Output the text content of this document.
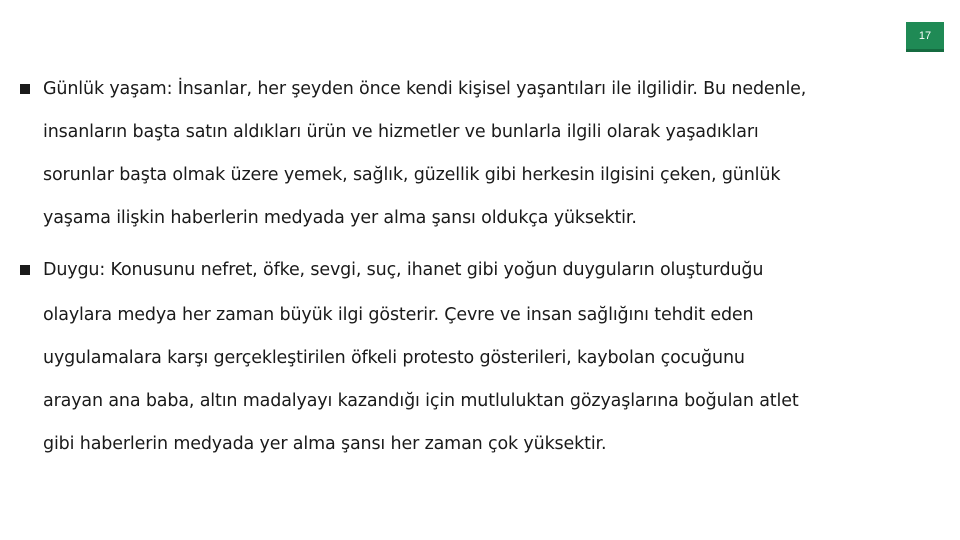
17
Günlük yaşam: İnsanlar, her şeyden önce kendi kişisel yaşantıları ile ilgilidir. Bu nedenle,
insanların başta satın aldıkları ürün ve hizmetler ve bunlarla ilgili olarak yaşadıkları
sorunlar başta olmak üzere yemek, sağlık, güzellik gibi herkesin ilgisini çeken, günlük
yaşama ilişkin haberlerin medyada yer alma şansı oldukça yüksektir.
Duygu: Konusunu nefret, öfke, sevgi, suç, ihanet gibi yoğun duyguların oluşturduğu
olaylara medya her zaman büyük ilgi gösterir. Çevre ve insan sağlığını tehdit eden
uygulamalara karşı gerçekleştirilen öfkeli protesto gösterileri, kaybolan çocuğunu
arayan ana baba, altın madalyayı kazandığı için mutluluktan gözyaşlarına boğulan atlet
gibi haberlerin medyada yer alma şansı her zaman çok yüksektir.
